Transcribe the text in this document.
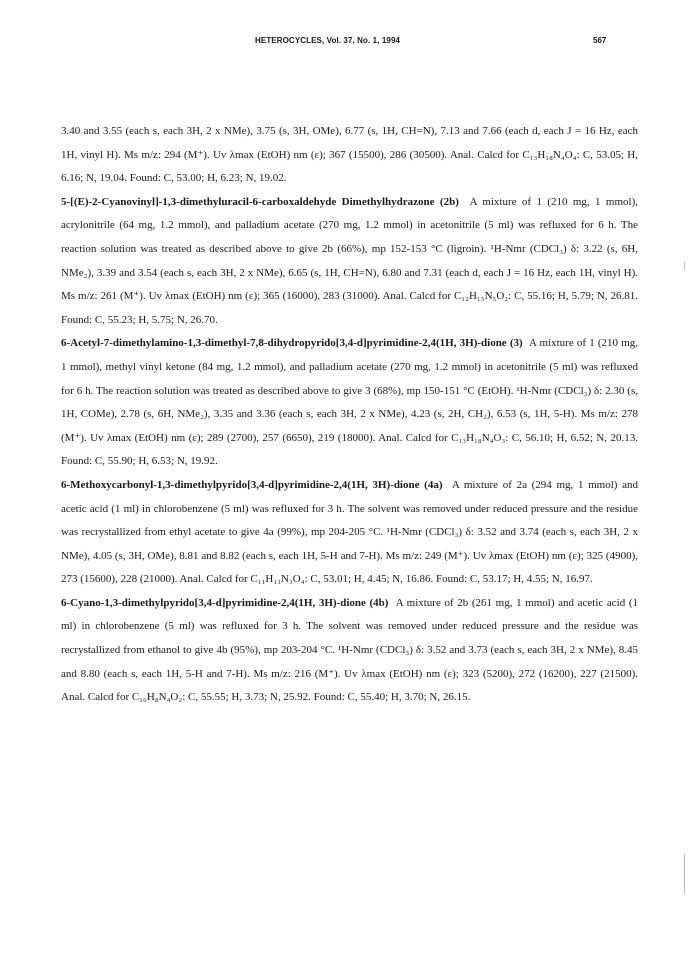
HETEROCYCLES, Vol. 37, No. 1, 1994	567

3.40 and 3.55 (each s, each 3H, 2 x NMe), 3.75 (s, 3H, OMe), 6.77 (s, 1H, CH=N), 7.13 and 7.66 (each d, each J = 16 Hz, each 1H, vinyl H). Ms m/z: 294 (M⁺). Uv λmax (EtOH) nm (ε); 367 (15500), 286 (30500). Anal. Calcd for C₁₃H₁₈N₄O₄: C, 53.05; H, 6.16; N, 19.04. Found: C, 53.00; H, 6.23; N, 19.02.

5-[(E)-2-Cyanovinyl]-1,3-dimethyluracil-6-carboxaldehyde Dimethylhydrazone (2b) A mixture of 1 (210 mg, 1 mmol), acrylonitrile (64 mg, 1.2 mmol), and palladium acetate (270 mg, 1.2 mmol) in acetonitrile (5 ml) was refluxed for 6 h. The reaction solution was treated as described above to give 2b (66%), mp 152-153 °C (ligroin). ¹H-Nmr (CDCl₃) δ: 3.22 (s, 6H, NMe₂), 3.39 and 3.54 (each s, each 3H, 2 x NMe), 6.65 (s, 1H, CH=N), 6.80 and 7.31 (each d, each J = 16 Hz, each 1H, vinyl H). Ms m/z: 261 (M⁺). Uv λmax (EtOH) nm (ε); 365 (16000), 283 (31000). Anal. Calcd for C₁₂H₁₅N₅O₂: C, 55.16; H, 5.79; N, 26.81. Found: C, 55.23; H, 5.75; N, 26.70.

6-Acetyl-7-dimethylamino-1,3-dimethyl-7,8-dihydropyrido[3,4-d]pyrimidine-2,4(1H, 3H)-dione (3) A mixture of 1 (210 mg, 1 mmol), methyl vinyl ketone (84 mg, 1.2 mmol), and palladium acetate (270 mg, 1.2 mmol) in acetonitrile (5 ml) was refluxed for 6 h. The reaction solution was treated as described above to give 3 (68%), mp 150-151 °C (EtOH). ¹H-Nmr (CDCl₃) δ: 2.30 (s, 1H, COMe), 2.78 (s, 6H, NMe₂), 3.35 and 3.36 (each s, each 3H, 2 x NMe), 4.23 (s, 2H, CH₂), 6.53 (s, 1H, 5-H). Ms m/z: 278 (M⁺). Uv λmax (EtOH) nm (ε); 289 (2700), 257 (6650), 219 (18000). Anal. Calcd for C₁₃H₁₈N₄O₃: C, 56.10; H, 6.52; N, 20.13. Found: C, 55.90; H, 6.53; N, 19.92.

6-Methoxycarbonyl-1,3-dimethylpyrido[3,4-d]pyrimidine-2,4(1H, 3H)-dione (4a) A mixture of 2a (294 mg, 1 mmol) and acetic acid (1 ml) in chlorobenzene (5 ml) was refluxed for 3 h. The solvent was removed under reduced pressure and the residue was recrystallized from ethyl acetate to give 4a (99%), mp 204-205 °C. ¹H-Nmr (CDCl₃) δ: 3.52 and 3.74 (each s, each 3H, 2 x NMe), 4.05 (s, 3H, OMe), 8.81 and 8.82 (each s, each 1H, 5-H and 7-H). Ms m/z: 249 (M⁺). Uv λmax (EtOH) nm (ε); 325 (4900), 273 (15600), 228 (21000). Anal. Calcd for C₁₁H₁₁N₃O₄: C, 53.01; H, 4.45; N, 16.86. Found: C, 53.17; H, 4.55; N, 16.97.

6-Cyano-1,3-dimethylpyrido[3,4-d]pyrimidine-2,4(1H, 3H)-dione (4b) A mixture of 2b (261 mg, 1 mmol) and acetic acid (1 ml) in chlorobenzene (5 ml) was refluxed for 3 h. The solvent was removed under reduced pressure and the residue was recrystallized from ethanol to give 4b (95%), mp 203-204 °C. ¹H-Nmr (CDCl₃) δ: 3.52 and 3.73 (each s, each 3H, 2 x NMe), 8.45 and 8.80 (each s, each 1H, 5-H and 7-H). Ms m/z: 216 (M⁺). Uv λmax (EtOH) nm (ε); 323 (5200), 272 (16200), 227 (21500). Anal. Calcd for C₁₀H₈N₄O₂: C, 55.55; H, 3.73; N, 25.92. Found: C, 55.40; H, 3.70; N, 26.15.
